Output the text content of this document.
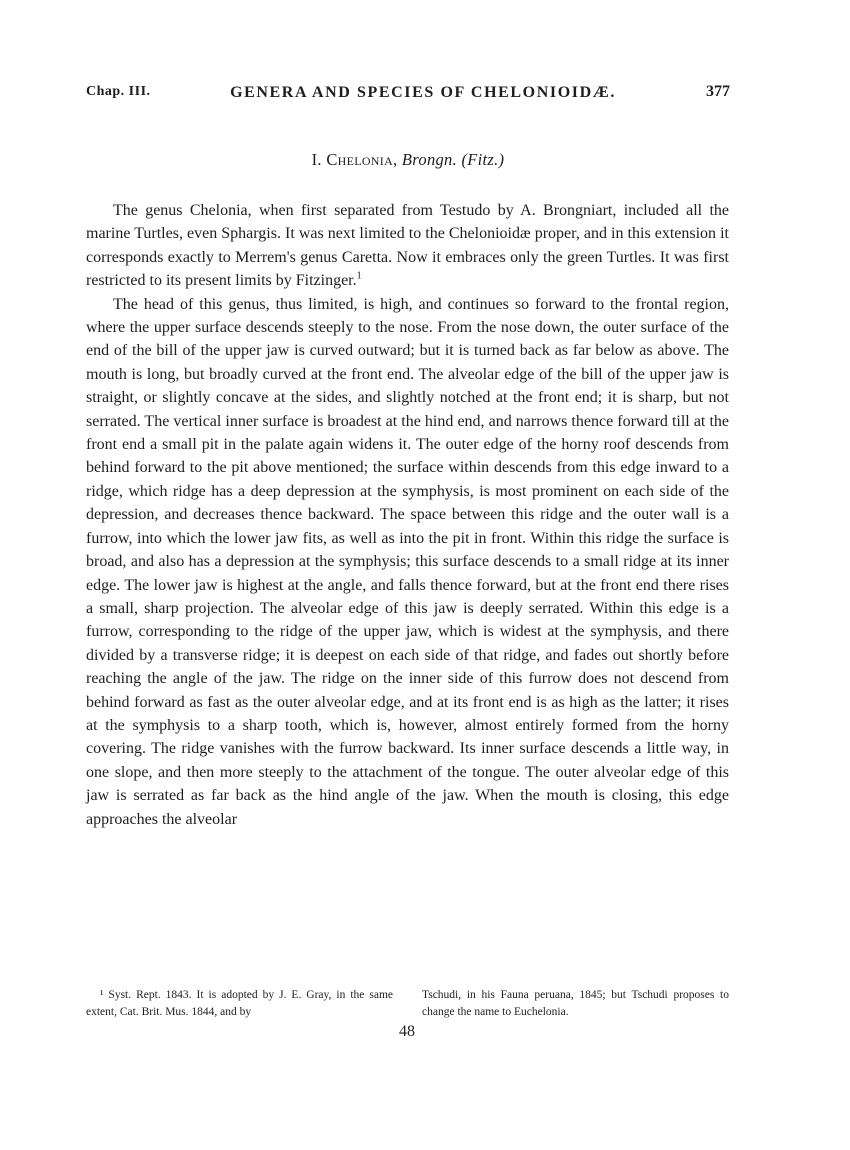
Chap. III.	GENERA AND SPECIES OF CHELONIOIDÆ.	377
I. Chelonia, Brongn. (Fitz.)

The genus Chelonia, when first separated from Testudo by A. Brongniart, included all the marine Turtles, even Sphargis. It was next limited to the Chelonioidæ proper, and in this extension it corresponds exactly to Merrem's genus Caretta. Now it embraces only the green Turtles. It was first restricted to its present limits by Fitzinger.$^1$

The head of this genus, thus limited, is high, and continues so forward to the frontal region, where the upper surface descends steeply to the nose. From the nose down, the outer surface of the end of the bill of the upper jaw is curved outward; but it is turned back as far below as above. The mouth is long, but broadly curved at the front end. The alveolar edge of the bill of the upper jaw is straight, or slightly concave at the sides, and slightly notched at the front end; it is sharp, but not serrated. The vertical inner surface is broadest at the hind end, and narrows thence forward till at the front end a small pit in the palate again widens it. The outer edge of the horny roof descends from behind forward to the pit above mentioned; the surface within descends from this edge inward to a ridge, which ridge has a deep depression at the symphysis, is most prominent on each side of the depression, and decreases thence backward. The space between this ridge and the outer wall is a furrow, into which the lower jaw fits, as well as into the pit in front. Within this ridge the surface is broad, and also has a depression at the symphysis; this surface descends to a small ridge at its inner edge. The lower jaw is highest at the angle, and falls thence forward, but at the front end there rises a small, sharp projection. The alveolar edge of this jaw is deeply serrated. Within this edge is a furrow, corresponding to the ridge of the upper jaw, which is widest at the symphysis, and there divided by a transverse ridge; it is deepest on each side of that ridge, and fades out shortly before reaching the angle of the jaw. The ridge on the inner side of this furrow does not descend from behind forward as fast as the outer alveolar edge, and at its front end is as high as the latter; it rises at the symphysis to a sharp tooth, which is, however, almost entirely formed from the horny covering. The ridge vanishes with the furrow backward. Its inner surface descends a little way, in one slope, and then more steeply to the attachment of the tongue. The outer alveolar edge of this jaw is serrated as far back as the hind angle of the jaw. When the mouth is closing, this edge approaches the alveolar

¹ Syst. Rept. 1843. It is adopted by J. E. Gray, in the same extent, Cat. Brit. Mus. 1844, and by
Tschudi, in his Fauna peruana, 1845; but Tschudi proposes to change the name to Euchelonia.
48
